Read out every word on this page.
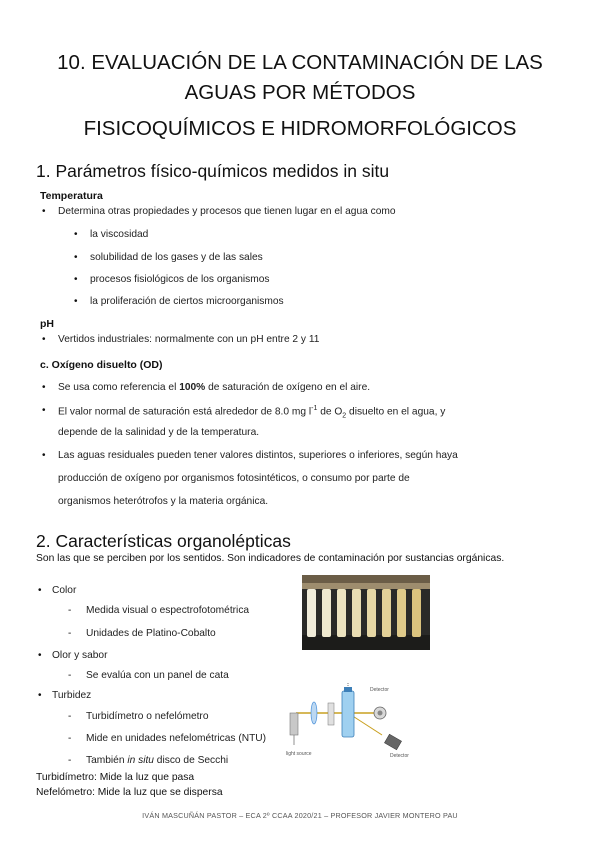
10. EVALUACIÓN DE LA CONTAMINACIÓN DE LAS
AGUAS POR MÉTODOS
FISICOQUÍMICOS E HIDROMORFOLÓGICOS
1. Parámetros físico-químicos medidos in situ
Temperatura
• Determina otras propiedades y procesos que tienen lugar en el agua como
• la viscosidad
• solubilidad de los gases y de las sales
• procesos fisiológicos de los organismos
• la proliferación de ciertos microorganismos
pH
• Vertidos industriales: normalmente con un pH entre 2 y 11
c. Oxígeno disuelto (OD)
• Se usa como referencia el 100% de saturación de oxígeno en el aire.
• El valor normal de saturación está alrededor de 8.0 mg $l^{-1}$ de $O_2$ disuelto en el agua, y
depende de la salinidad y de la temperatura.
• Las aguas residuales pueden tener valores distintos, superiores o inferiores, según haya
producción de oxígeno por organismos fotosintéticos, o consumo por parte de
organismos heterótrofos y la materia orgánica.
2. Características organolépticas
Son las que se perciben por los sentidos. Son indicadores de contaminación por sustancias orgánicas.
• Color
- Medida visual o espectrofotométrica
- Unidades de Platino-Cobalto
• Olor y sabor
- Se evalúa con un panel de cata
• Turbidez
- Turbidímetro o nefelómetro
- Mide en unidades nefelométricas (NTU)
- También in situ disco de Secchi
Turbidímetro: Mide la luz que pasa
Nefelómetro: Mide la luz que se dispersa
Detector
Detector
light source
IVÁN MASCUÑÁN PASTOR – ECA 2º CCAA 2020/21 – PROFESOR JAVIER MONTERO PAU
